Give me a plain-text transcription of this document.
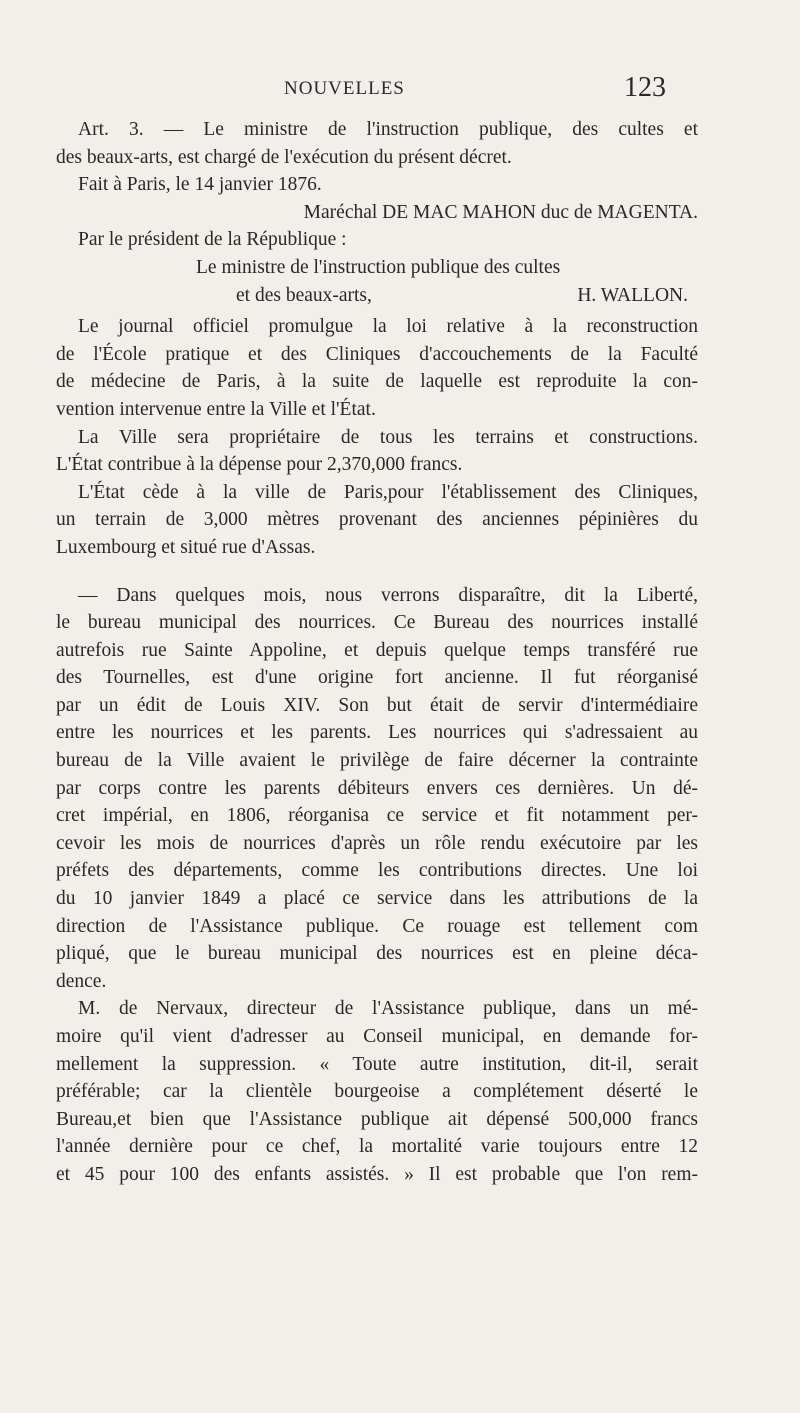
NOUVELLES	123
Art. 3. — Le ministre de l'instruction publique, des cultes et
des beaux-arts, est chargé de l'exécution du présent décret.
Fait à Paris, le 14 janvier 1876.
Maréchal DE MAC MAHON duc de MAGENTA.
Par le président de la République :
Le ministre de l'instruction publique des cultes
et des beaux-arts,	H. WALLON.
Le journal officiel promulgue la loi relative à la reconstruction
de l'École pratique et des Cliniques d'accouchements de la Faculté
de médecine de Paris, à la suite de laquelle est reproduite la con-
vention intervenue entre la Ville et l'État.
La Ville sera propriétaire de tous les terrains et constructions.
L'État contribue à la dépense pour 2,370,000 francs.
L'État cède à la ville de Paris,pour l'établissement des Cliniques,
un terrain de 3,000 mètres provenant des anciennes pépinières du
Luxembourg et situé rue d'Assas.
— Dans quelques mois, nous verrons disparaître, dit la Liberté,
le bureau municipal des nourrices. Ce Bureau des nourrices installé
autrefois rue Sainte Appoline, et depuis quelque temps transféré rue
des Tournelles, est d'une origine fort ancienne. Il fut réorganisé
par un édit de Louis XIV. Son but était de servir d'intermédiaire
entre les nourrices et les parents. Les nourrices qui s'adressaient au
bureau de la Ville avaient le privilège de faire décerner la contrainte
par corps contre les parents débiteurs envers ces dernières. Un dé-
cret impérial, en 1806, réorganisa ce service et fit notamment per-
cevoir les mois de nourrices d'après un rôle rendu exécutoire par les
préfets des départements, comme les contributions directes. Une loi
du 10 janvier 1849 a placé ce service dans les attributions de la
direction de l'Assistance publique. Ce rouage est tellement com
pliqué, que le bureau municipal des nourrices est en pleine déca-
dence.
M. de Nervaux, directeur de l'Assistance publique, dans un mé-
moire qu'il vient d'adresser au Conseil municipal, en demande for-
mellement la suppression. « Toute autre institution, dit-il, serait
préférable; car la clientèle bourgeoise a complétement déserté le
Bureau,et bien que l'Assistance publique ait dépensé 500,000 francs
l'année dernière pour ce chef, la mortalité varie toujours entre 12
et 45 pour 100 des enfants assistés. » Il est probable que l'on rem-
